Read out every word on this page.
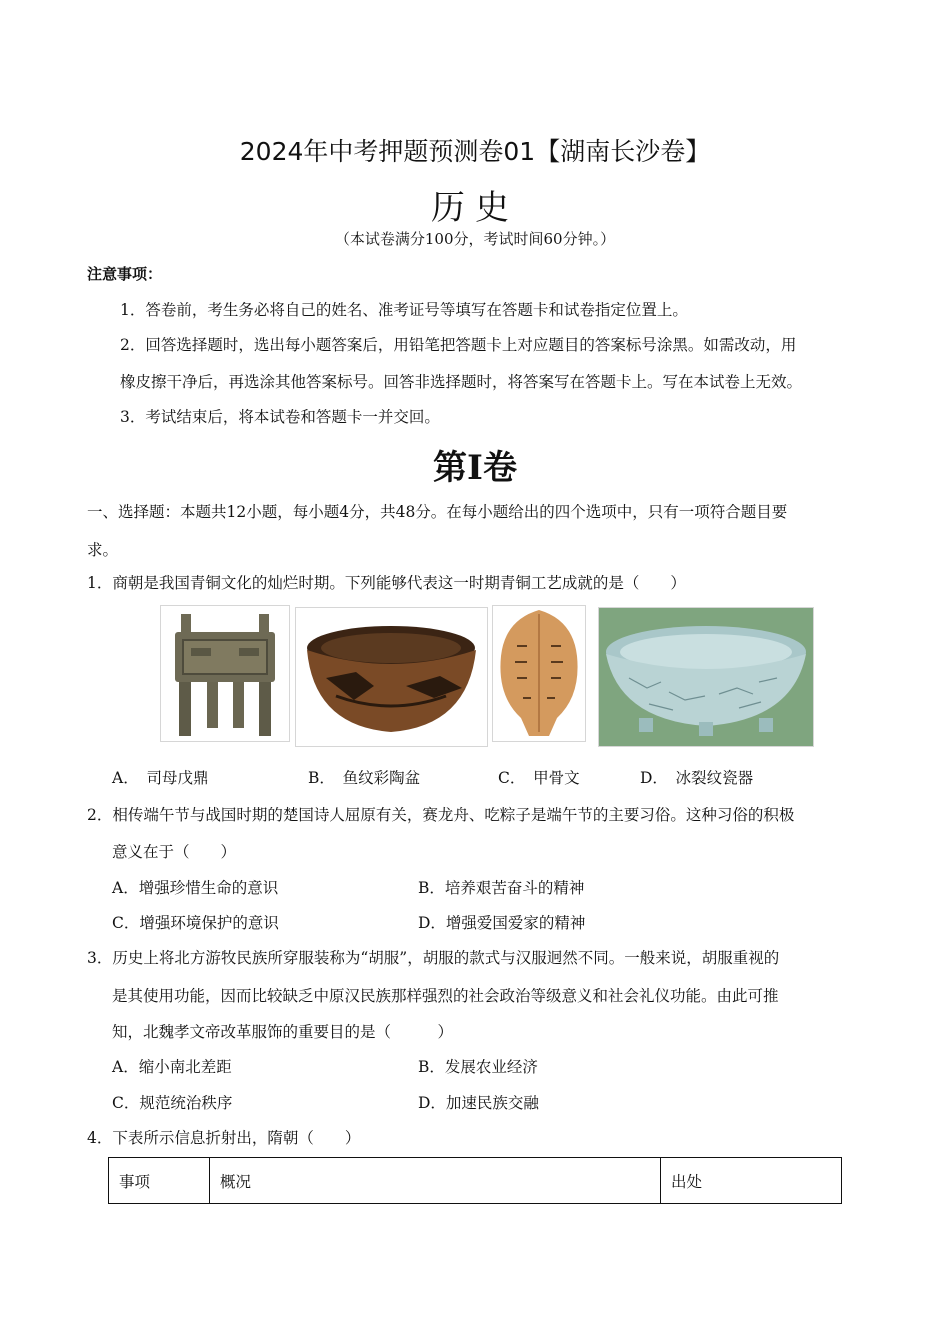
2024年中考押题预测卷01【湖南长沙卷】
历史
（本试卷满分100分，考试时间60分钟。）
注意事项：
1．答卷前，考生务必将自己的姓名、准考证号等填写在答题卡和试卷指定位置上。
2．回答选择题时，选出每小题答案后，用铅笔把答题卡上对应题目的答案标号涂黑。如需改动，用
橡皮擦干净后，再选涂其他答案标号。回答非选择题时，将答案写在答题卡上。写在本试卷上无效。
3．考试结束后，将本试卷和答题卡一并交回。
第I卷
一、选择题：本题共12小题，每小题4分，共48分。在每小题给出的四个选项中，只有一项符合题目要
求。
1．商朝是我国青铜文化的灿烂时期。下列能够代表这一时期青铜工艺成就的是（　　）
A．　司母戊鼎	B．　鱼纹彩陶盆	C．　甲骨文	D．　冰裂纹瓷器
2．相传端午节与战国时期的楚国诗人屈原有关，赛龙舟、吃粽子是端午节的主要习俗。这种习俗的积极
意义在于（　　）
A．增强珍惜生命的意识	B．培养艰苦奋斗的精神
C．增强环境保护的意识	D．增强爱国爱家的精神
3．历史上将北方游牧民族所穿服装称为“胡服”，胡服的款式与汉服迥然不同。一般来说，胡服重视的
是其使用功能，因而比较缺乏中原汉民族那样强烈的社会政治等级意义和社会礼仪功能。由此可推
知，北魏孝文帝改革服饰的重要目的是（　　　）
A．缩小南北差距	B．发展农业经济
C．规范统治秩序	D．加速民族交融
4．下表所示信息折射出，隋朝（　　）
事项	概况	出处
